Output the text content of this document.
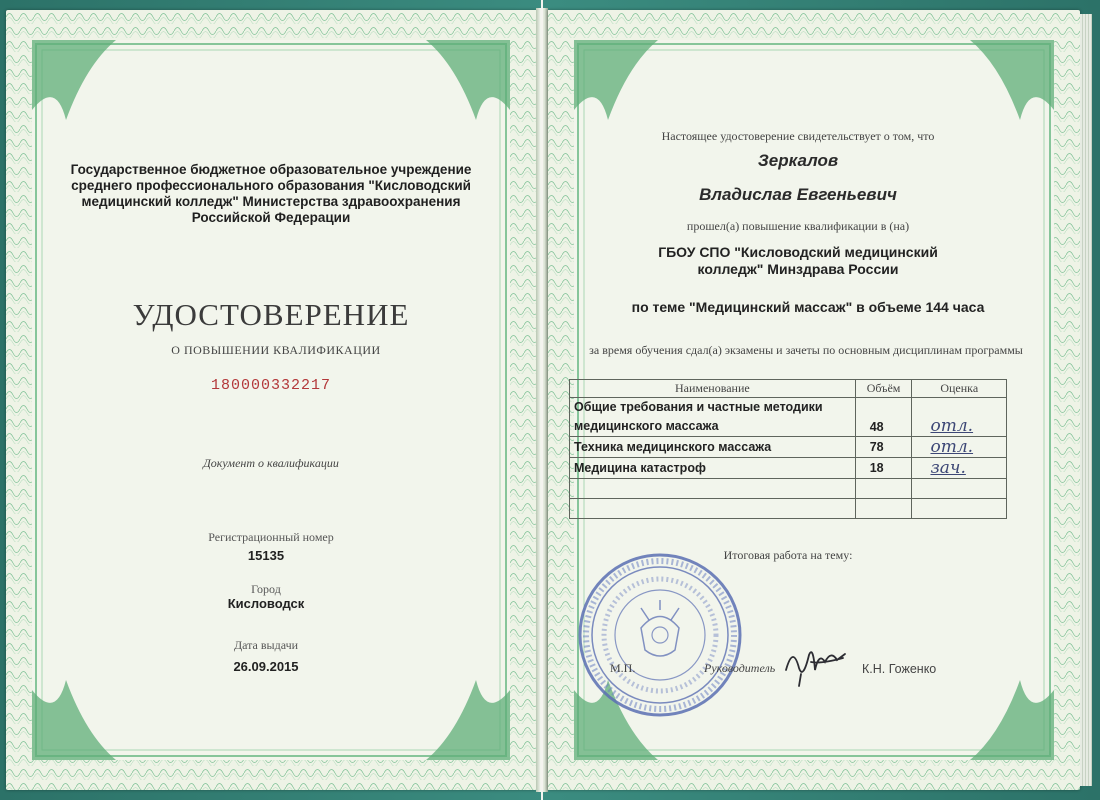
Государственное бюджетное образовательное учреждение среднего профессионального образования "Кисловодский медицинский колледж" Министерства здравоохранения Российской Федерации
УДОСТОВЕРЕНИЕ
О ПОВЫШЕНИИ КВАЛИФИКАЦИИ
180000332217
Документ о квалификации
Регистрационный номер
15135
Город
Кисловодск
Дата выдачи
26.09.2015
Настоящее удостоверение свидетельствует о том, что
Зеркалов
Владислав Евгеньевич
прошел(а) повышение квалификации в (на)
ГБОУ СПО "Кисловодский медицинский колледж" Минздрава России
по теме "Медицинский массаж" в объеме 144 часа
за время обучения сдал(а) экзамены и зачеты по основным дисциплинам программы
Наименование	Объём	Оценка
Общие требования и частные методики медицинского массажа	48	отл.
Техника медицинского массажа	78	отл.
Медицина катастроф	18	зач.

Итоговая работа на тему:
М.П.	Руководитель	К.Н. Гоженко
